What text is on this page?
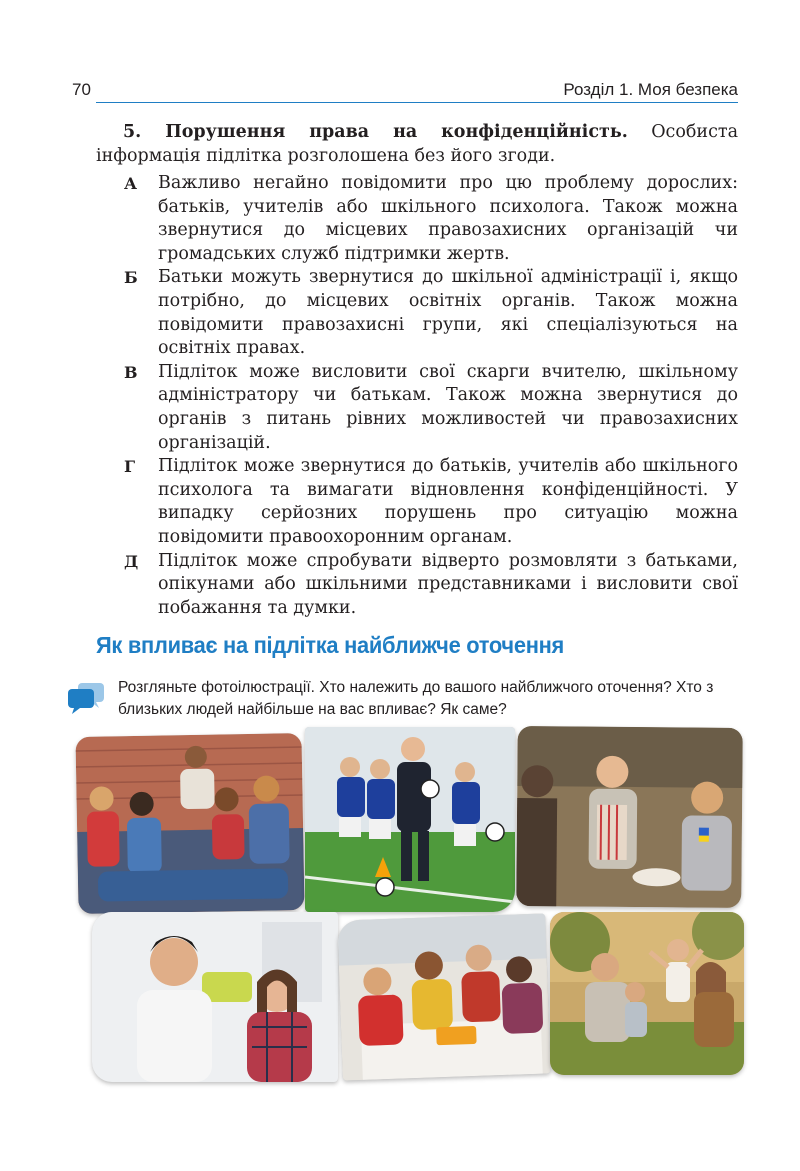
70	Розділ 1. Моя безпека

5. Порушення права на конфіденційність. Особиста інформація підлітка розголошена без його згоди.

А Важливо негайно повідомити про цю проблему дорослих: батьків, учителів або шкільного психолога. Також можна звернутися до місцевих правозахисних організацій чи громадських служб підтримки жертв.
Б Батьки можуть звернутися до шкільної адміністрації і, якщо потрібно, до місцевих освітніх органів. Також можна повідомити правозахисні групи, які спеціалізуються на освітніх правах.
В Підліток може висловити свої скарги вчителю, шкільному адміністратору чи батькам. Також можна звернутися до органів з питань рівних можливостей чи правозахисних організацій.
Г Підліток може звернутися до батьків, учителів або шкільного психолога та вимагати відновлення конфіденційності. У випадку серйозних порушень про ситуацію можна повідомити правоохоронним органам.
Д Підліток може спробувати відверто розмовляти з батьками, опікунами або шкільними представниками і висловити свої побажання та думки.
Як впливає на підлітка найближче оточення

Розгляньте фотоілюстрації. Хто належить до вашого найближчого оточення? Хто з близьких людей найбільше на вас впливає? Як саме?
